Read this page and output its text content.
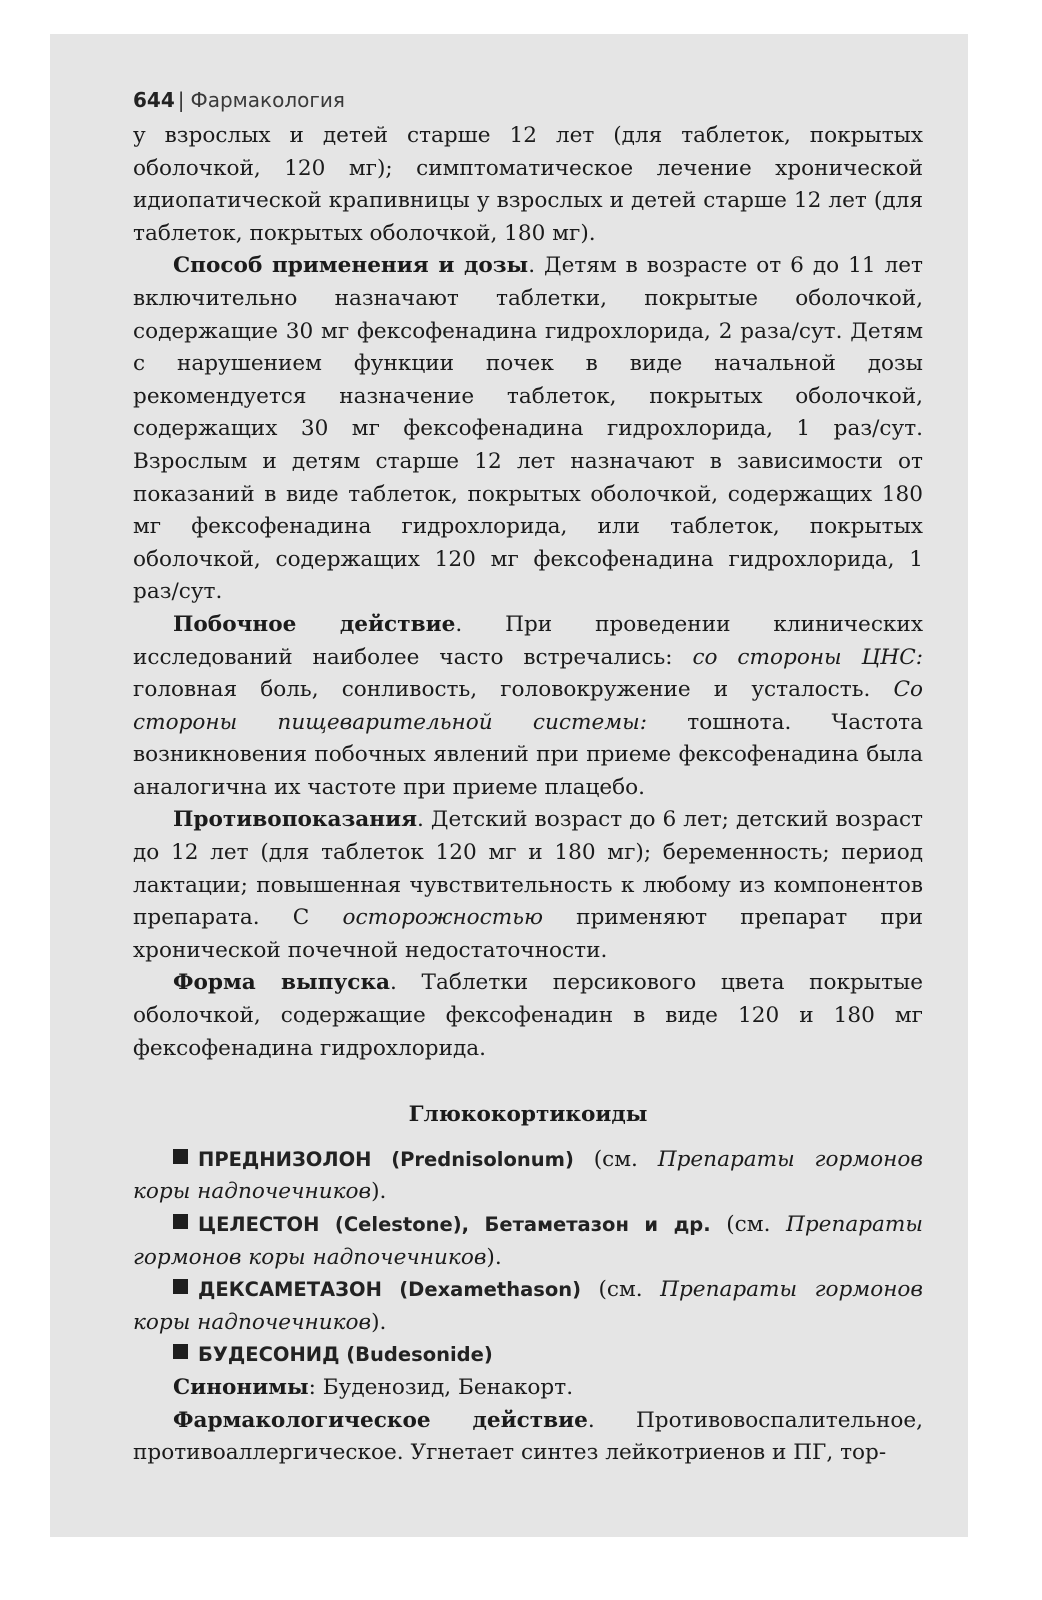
644 | Фармакология

у взрослых и детей старше 12 лет (для таблеток, покрытых оболочкой, 120 мг); симптоматическое лечение хронической идиопатической крапивницы у взрослых и детей старше 12 лет (для таблеток, покрытых оболочкой, 180 мг).

Способ применения и дозы. Детям в возрасте от 6 до 11 лет включительно назначают таблетки, покрытые оболочкой, содержащие 30 мг фексофенадина гидрохлорида, 2 раза/сут. Детям с нарушением функции почек в виде начальной дозы рекомендуется назначение таблеток, покрытых оболочкой, содержащих 30 мг фексофенадина гидрохлорида, 1 раз/сут. Взрослым и детям старше 12 лет назначают в зависимости от показаний в виде таблеток, покрытых оболочкой, содержащих 180 мг фексофенадина гидрохлорида, или таблеток, покрытых оболочкой, содержащих 120 мг фексофенадина гидрохлорида, 1 раз/сут.

Побочное действие. При проведении клинических исследований наиболее часто встречались: со стороны ЦНС: головная боль, сонливость, головокружение и усталость. Со стороны пищеварительной системы: тошнота. Частота возникновения побочных явлений при приеме фексофенадина была аналогична их частоте при приеме плацебо.

Противопоказания. Детский возраст до 6 лет; детский возраст до 12 лет (для таблеток 120 мг и 180 мг); беременность; период лактации; повышенная чувствительность к любому из компонентов препарата. С осторожностью применяют препарат при хронической почечной недостаточности.

Форма выпуска. Таблетки персикового цвета покрытые оболочкой, содержащие фексофенадин в виде 120 и 180 мг фексофенадина гидрохлорида.

Глюкокортикоиды

ПРЕДНИЗОЛОН (Prednisolonum) (см. Препараты гормонов коры надпочечников).

ЦЕЛЕСТОН (Celestone), Бетаметазон и др. (см. Препараты гормонов коры надпочечников).

ДЕКСАМЕТАЗОН (Dexamethason) (см. Препараты гормонов коры надпочечников).

БУДЕСОНИД (Budesonide)

Синонимы: Буденозид, Бенакорт.

Фармакологическое действие. Противовоспалительное, противоаллергическое. Угнетает синтез лейкотриенов и ПГ, тор-
